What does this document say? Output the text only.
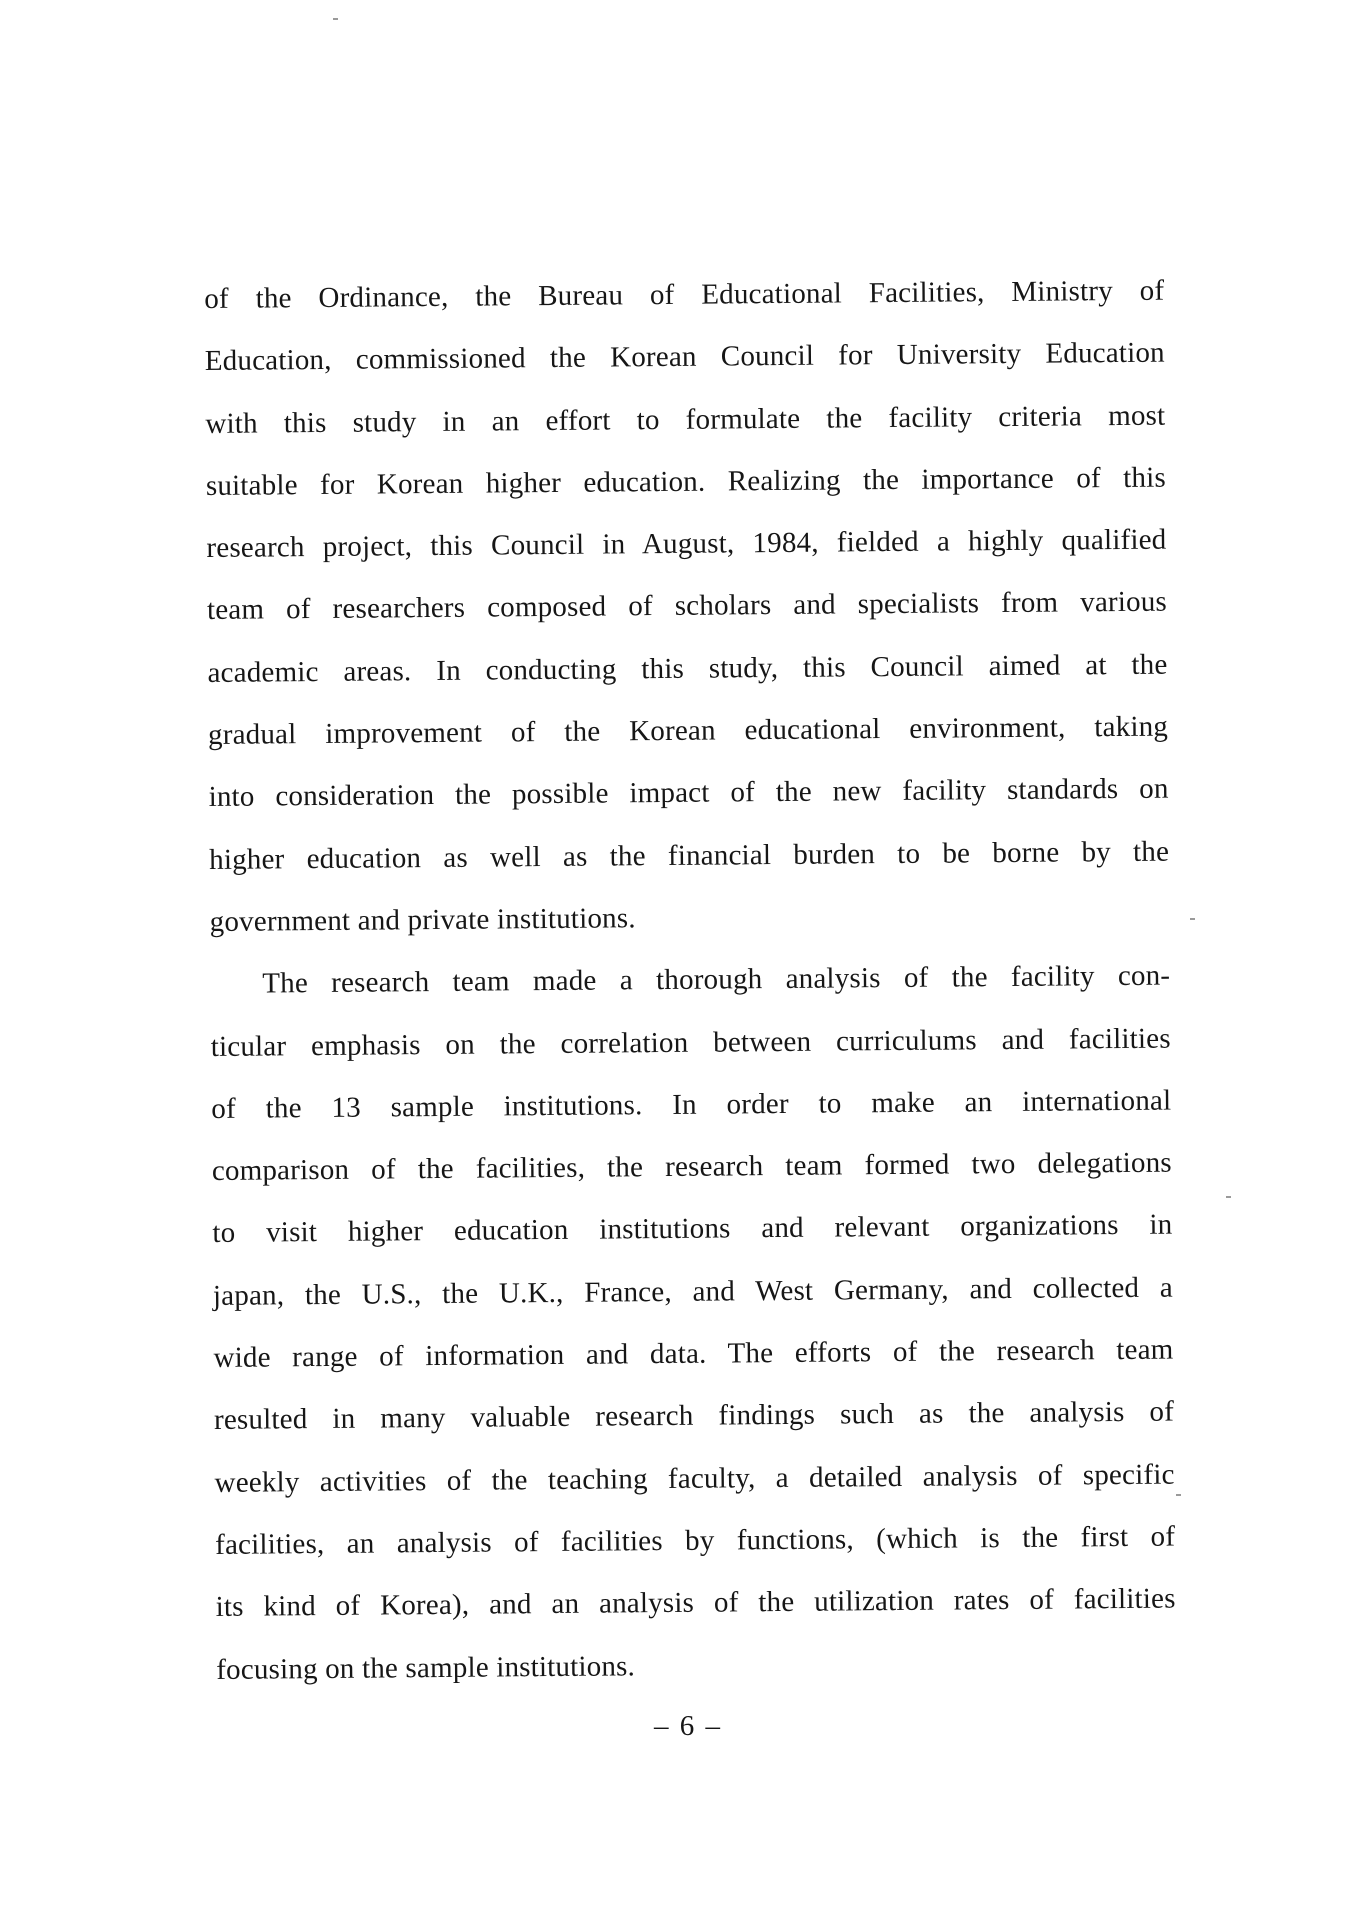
of the Ordinance, the Bureau of Educational Facilities, Ministry of
Education, commissioned the Korean Council for University Education
with this study in an effort to formulate the facility criteria most
suitable for Korean higher education. Realizing the importance of this
research project, this Council in August, 1984, fielded a highly qualified
team of researchers composed of scholars and specialists from various
academic areas. In conducting this study, this Council aimed at the
gradual improvement of the Korean educational environment, taking
into consideration the possible impact of the new facility standards on
higher education as well as the financial burden to be borne by the
government and private institutions.
The research team made a thorough analysis of the facility con-
ticular emphasis on the correlation between curriculums and facilities
of the 13 sample institutions. In order to make an international
comparison of the facilities, the research team formed two delegations
to visit higher education institutions and relevant organizations in
japan, the U.S., the U.K., France, and West Germany, and collected a
wide range of information and data. The efforts of the research team
resulted in many valuable research findings such as the analysis of
weekly activities of the teaching faculty, a detailed analysis of specific
facilities, an analysis of facilities by functions, (which is the first of
its kind of Korea), and an analysis of the utilization rates of facilities
focusing on the sample institutions.
– 6 –
